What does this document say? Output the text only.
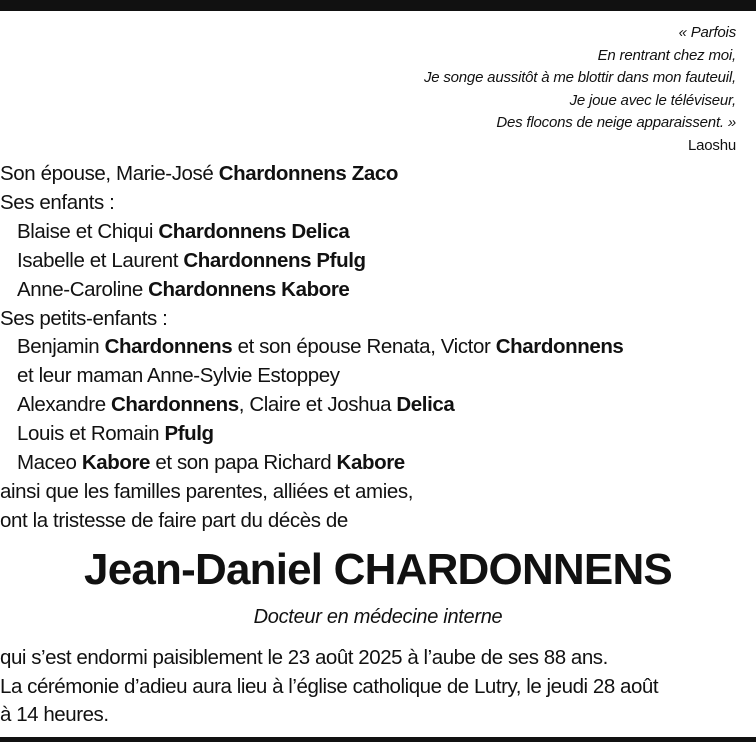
« Parfois
En rentrant chez moi,
Je songe aussitôt à me blottir dans mon fauteuil,
Je joue avec le téléviseur,
Des flocons de neige apparaissent. »
Laoshu
Son épouse, Marie-José Chardonnens Zaco
Ses enfants :
Blaise et Chiqui Chardonnens Delica
Isabelle et Laurent Chardonnens Pfulg
Anne-Caroline Chardonnens Kabore
Ses petits-enfants :
Benjamin Chardonnens et son épouse Renata, Victor Chardonnens
et leur maman Anne-Sylvie Estoppey
Alexandre Chardonnens, Claire et Joshua Delica
Louis et Romain Pfulg
Maceo Kabore et son papa Richard Kabore
ainsi que les familles parentes, alliées et amies,
ont la tristesse de faire part du décès de
Jean-Daniel CHARDONNENS
Docteur en médecine interne
qui s’est endormi paisiblement le 23 août 2025 à l’aube de ses 88 ans.
La cérémonie d’adieu aura lieu à l’église catholique de Lutry, le jeudi 28 août
à 14 heures.
